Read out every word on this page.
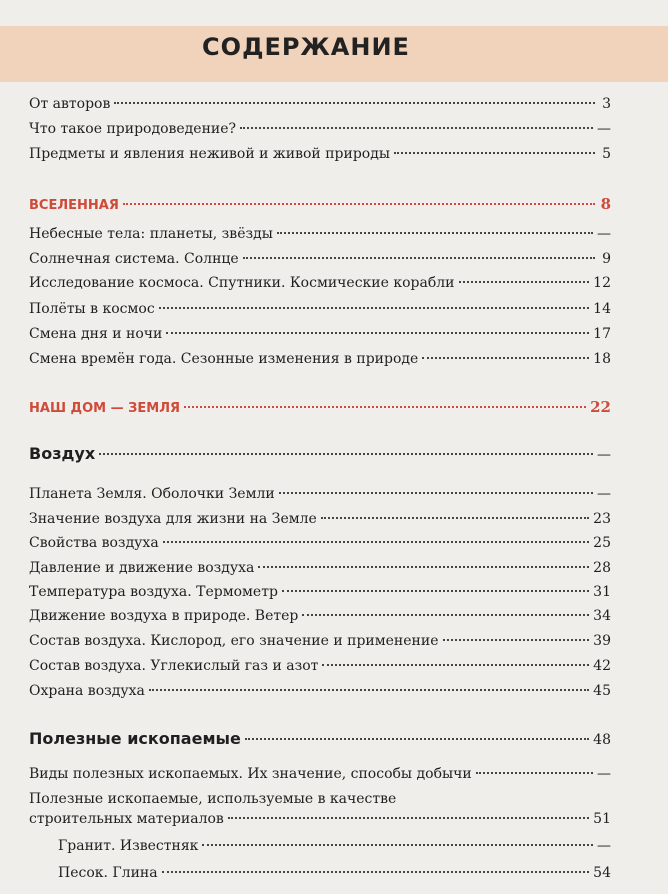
СОДЕРЖАНИЕ
От авторов	3
Что такое природоведение?	—
Предметы и явления неживой и живой природы	5
ВСЕЛЕННАЯ	8
Небесные тела: планеты, звёзды	—
Солнечная система. Солнце	9
Исследование космоса. Спутники. Космические корабли	12
Полёты в космос	14
Смена дня и ночи	17
Смена времён года. Сезонные изменения в природе	18
НАШ ДОМ — ЗЕМЛЯ	22
Воздух	—
Планета Земля. Оболочки Земли	—
Значение воздуха для жизни на Земле	23
Свойства воздуха	25
Давление и движение воздуха	28
Температура воздуха. Термометр	31
Движение воздуха в природе. Ветер	34
Состав воздуха. Кислород, его значение и применение	39
Состав воздуха. Углекислый газ и азот	42
Охрана воздуха	45
Полезные ископаемые	48
Виды полезных ископаемых. Их значение, способы добычи	—
Полезные ископаемые, используемые в качестве
строительных материалов	51
Гранит. Известняк	—
Песок. Глина	54
